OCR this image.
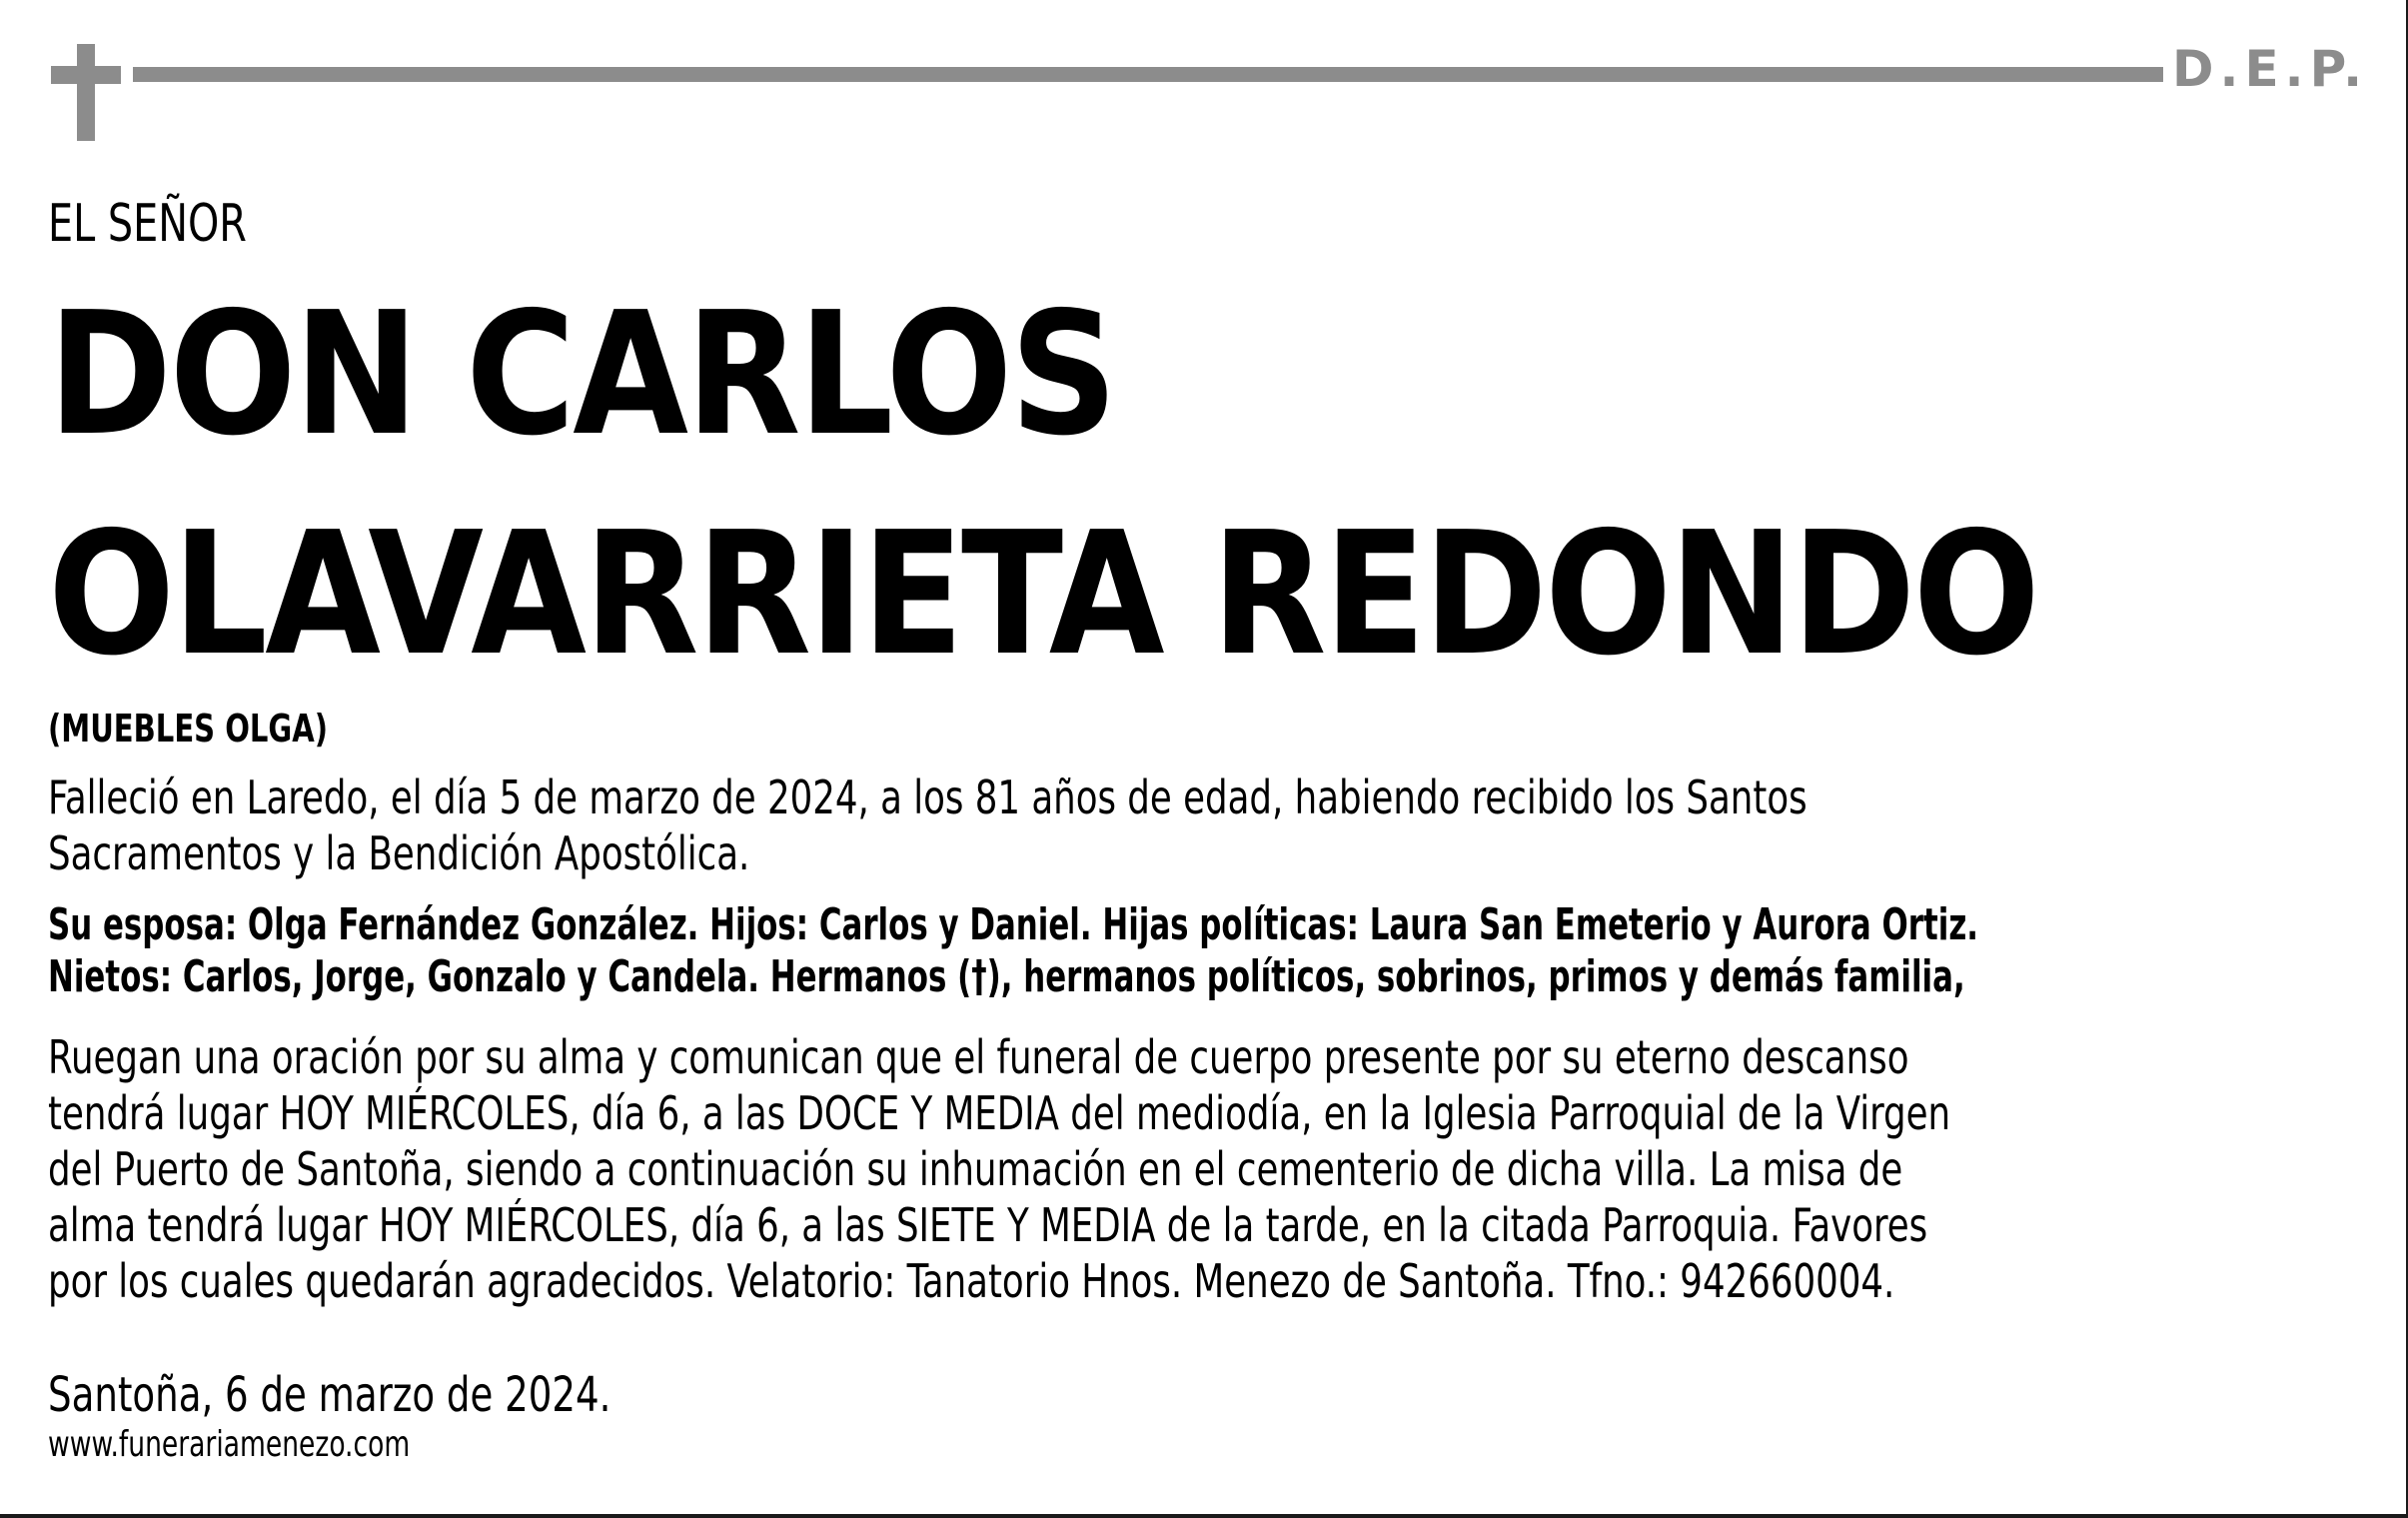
D.E.P.
EL SEÑOR
DON CARLOS
OLAVARRIETA REDONDO
(MUEBLES OLGA)
Falleció en Laredo, el día 5 de marzo de 2024, a los 81 años de edad, habiendo recibido los Santos
Sacramentos y la Bendición Apostólica.
Su esposa: Olga Fernández González. Hijos: Carlos y Daniel. Hijas políticas: Laura San Emeterio y Aurora Ortiz.
Nietos: Carlos, Jorge, Gonzalo y Candela. Hermanos (†), hermanos políticos, sobrinos, primos y demás familia,
Ruegan una oración por su alma y comunican que el funeral de cuerpo presente por su eterno descanso
tendrá lugar HOY MIÉRCOLES, día 6, a las DOCE Y MEDIA del mediodía, en la Iglesia Parroquial de la Virgen
del Puerto de Santoña, siendo a continuación su inhumación en el cementerio de dicha villa. La misa de
alma tendrá lugar HOY MIÉRCOLES, día 6, a las SIETE Y MEDIA de la tarde, en la citada Parroquia. Favores
por los cuales quedarán agradecidos. Velatorio: Tanatorio Hnos. Menezo de Santoña. Tfno.: 942660004.
Santoña, 6 de marzo de 2024.
www.funerariamenezo.com
